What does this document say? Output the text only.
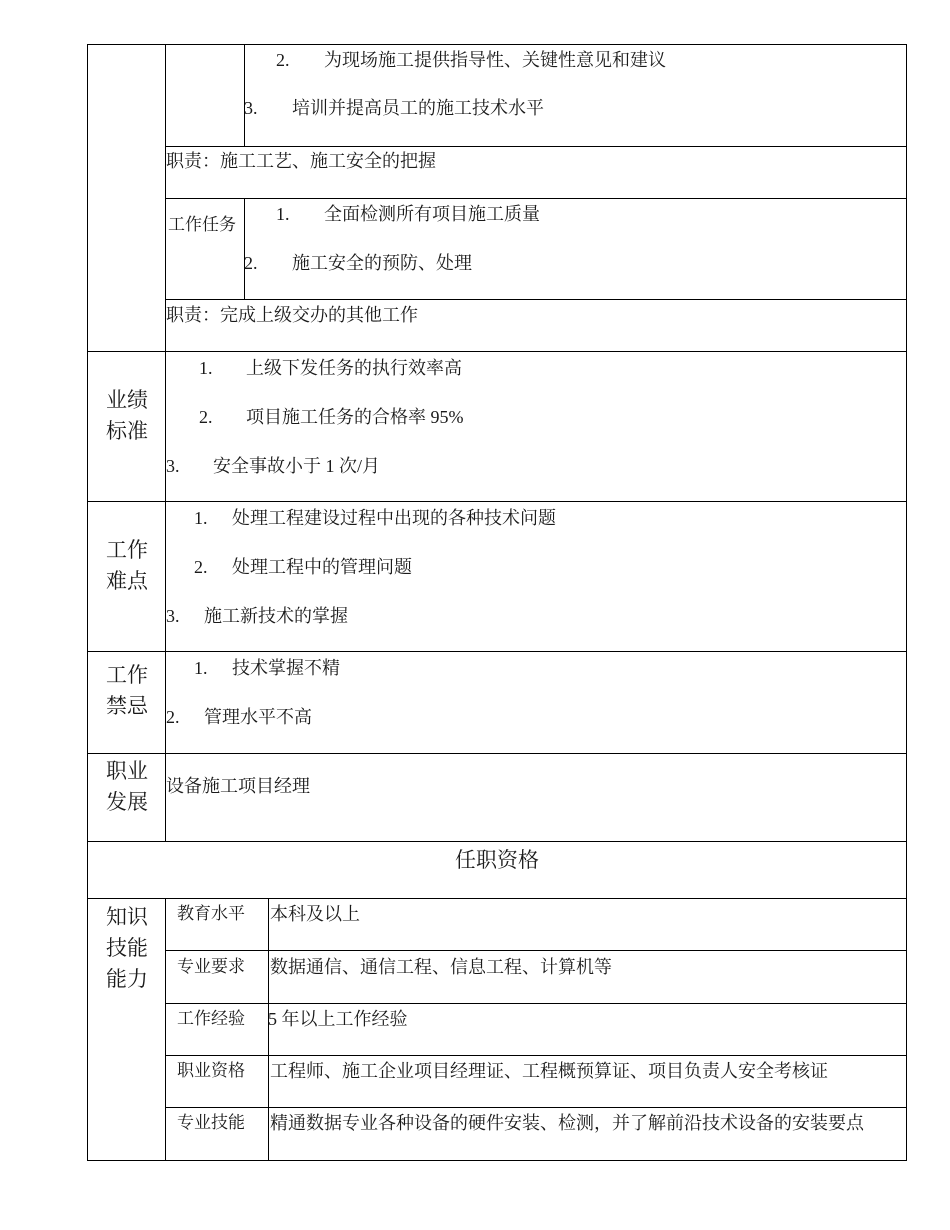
2. 为现场施工提供指导性、关键性意见和建议
3. 培训并提高员工的施工技术水平
职责：施工工艺、施工安全的把握
工作任务
1. 全面检测所有项目施工质量
2. 施工安全的预防、处理
职责：完成上级交办的其他工作
业绩标准
1. 上级下发任务的执行效率高
2. 项目施工任务的合格率 95%
3. 安全事故小于 1 次/月
工作难点
1. 处理工程建设过程中出现的各种技术问题
2. 处理工程中的管理问题
3. 施工新技术的掌握
工作禁忌
1. 技术掌握不精
2. 管理水平不高
职业发展
设备施工项目经理
任职资格
知识技能能力
教育水平 本科及以上
专业要求 数据通信、通信工程、信息工程、计算机等
工作经验 5 年以上工作经验
职业资格 工程师、施工企业项目经理证、工程概预算证、项目负责人安全考核证
专业技能 精通数据专业各种设备的硬件安装、检测，并了解前沿技术设备的安装要点
